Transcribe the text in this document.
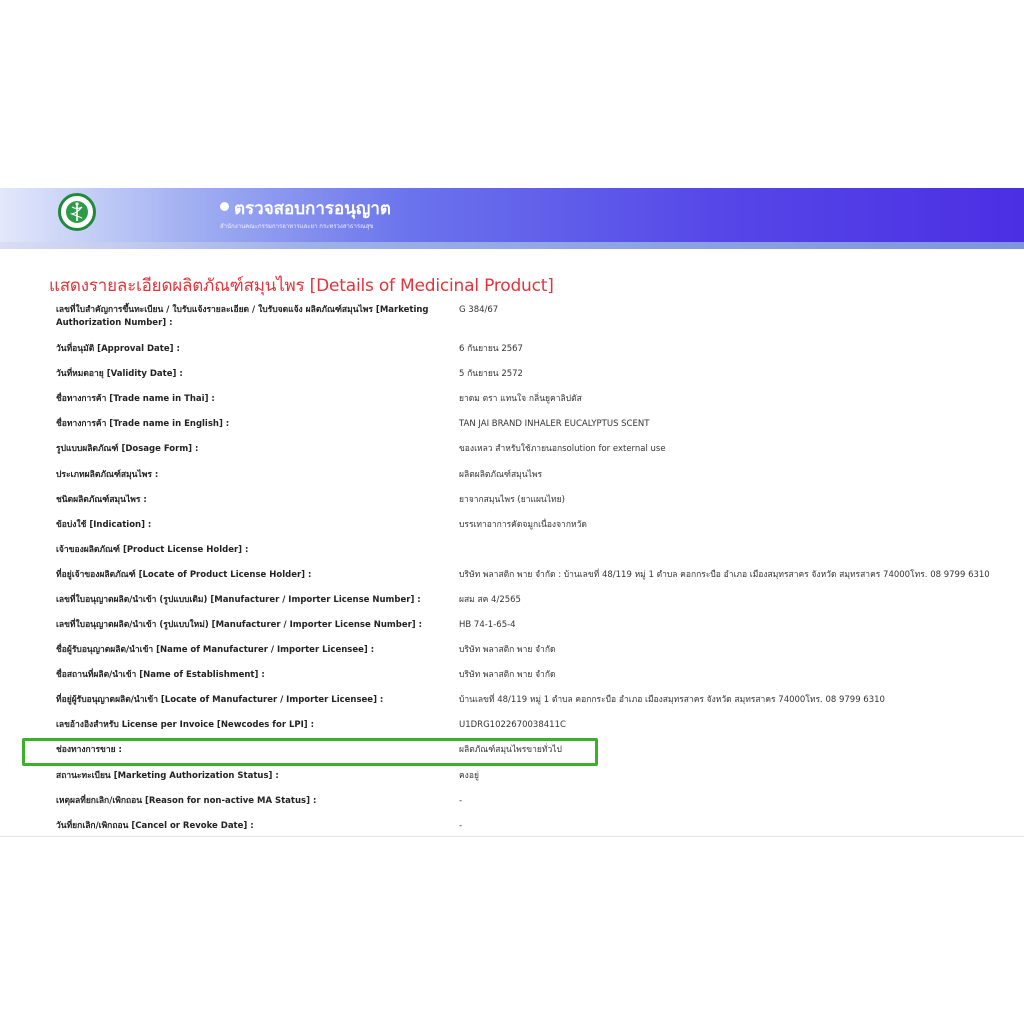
ตรวจสอบการอนุญาต
สำนักงานคณะกรรมการอาหารและยา กระทรวงสาธารณสุข
แสดงรายละเอียดผลิตภัณฑ์สมุนไพร [Details of Medicinal Product]
เลขที่ใบสำคัญการขึ้นทะเบียน / ใบรับแจ้งรายละเอียด / ใบรับจดแจ้ง ผลิตภัณฑ์สมุนไพร [Marketing Authorization Number] :
G 384/67
วันที่อนุมัติ [Approval Date] :	6 กันยายน 2567
วันที่หมดอายุ [Validity Date] :	5 กันยายน 2572
ชื่อทางการค้า [Trade name in Thai] :	ยาดม ตรา แทนใจ กลิ่นยูคาลิปตัส
ชื่อทางการค้า [Trade name in English] :	TAN JAI BRAND INHALER EUCALYPTUS SCENT
รูปแบบผลิตภัณฑ์ [Dosage Form] :	ของเหลว สำหรับใช้ภายนอกsolution for external use
ประเภทผลิตภัณฑ์สมุนไพร :	ผลิตผลิตภัณฑ์สมุนไพร
ชนิดผลิตภัณฑ์สมุนไพร :	ยาจากสมุนไพร (ยาแผนไทย)
ข้อบ่งใช้ [Indication] :	บรรเทาอาการคัดจมูกเนื่องจากหวัด
เจ้าของผลิตภัณฑ์ [Product License Holder] :
ที่อยู่เจ้าของผลิตภัณฑ์ [Locate of Product License Holder] :	บริษัท พลาสติก พาย จำกัด : บ้านเลขที่ 48/119 หมู่ 1 ตำบล คอกกระบือ อำเภอ เมืองสมุทรสาคร จังหวัด สมุทรสาคร 74000โทร. 08 9799 6310
เลขที่ใบอนุญาตผลิต/นำเข้า (รูปแบบเดิม) [Manufacturer / Importer License Number] :	ผสม สค 4/2565
เลขที่ใบอนุญาตผลิต/นำเข้า (รูปแบบใหม่) [Manufacturer / Importer License Number] :	HB 74-1-65-4
ชื่อผู้รับอนุญาตผลิต/นำเข้า [Name of Manufacturer / Importer Licensee] :	บริษัท พลาสติก พาย จำกัด
ชื่อสถานที่ผลิต/นำเข้า [Name of Establishment] :	บริษัท พลาสติก พาย จำกัด
ที่อยู่ผู้รับอนุญาตผลิต/นำเข้า [Locate of Manufacturer / Importer Licensee] :	บ้านเลขที่ 48/119 หมู่ 1 ตำบล คอกกระบือ อำเภอ เมืองสมุทรสาคร จังหวัด สมุทรสาคร 74000โทร. 08 9799 6310
เลขอ้างอิงสำหรับ License per Invoice [Newcodes for LPI] :	U1DRG1022670038411C
ช่องทางการขาย :	ผลิตภัณฑ์สมุนไพรขายทั่วไป
สถานะทะเบียน [Marketing Authorization Status] :	คงอยู่
เหตุผลที่ยกเลิก/เพิกถอน [Reason for non-active MA Status] :	-
วันที่ยกเลิก/เพิกถอน [Cancel or Revoke Date] :	-
